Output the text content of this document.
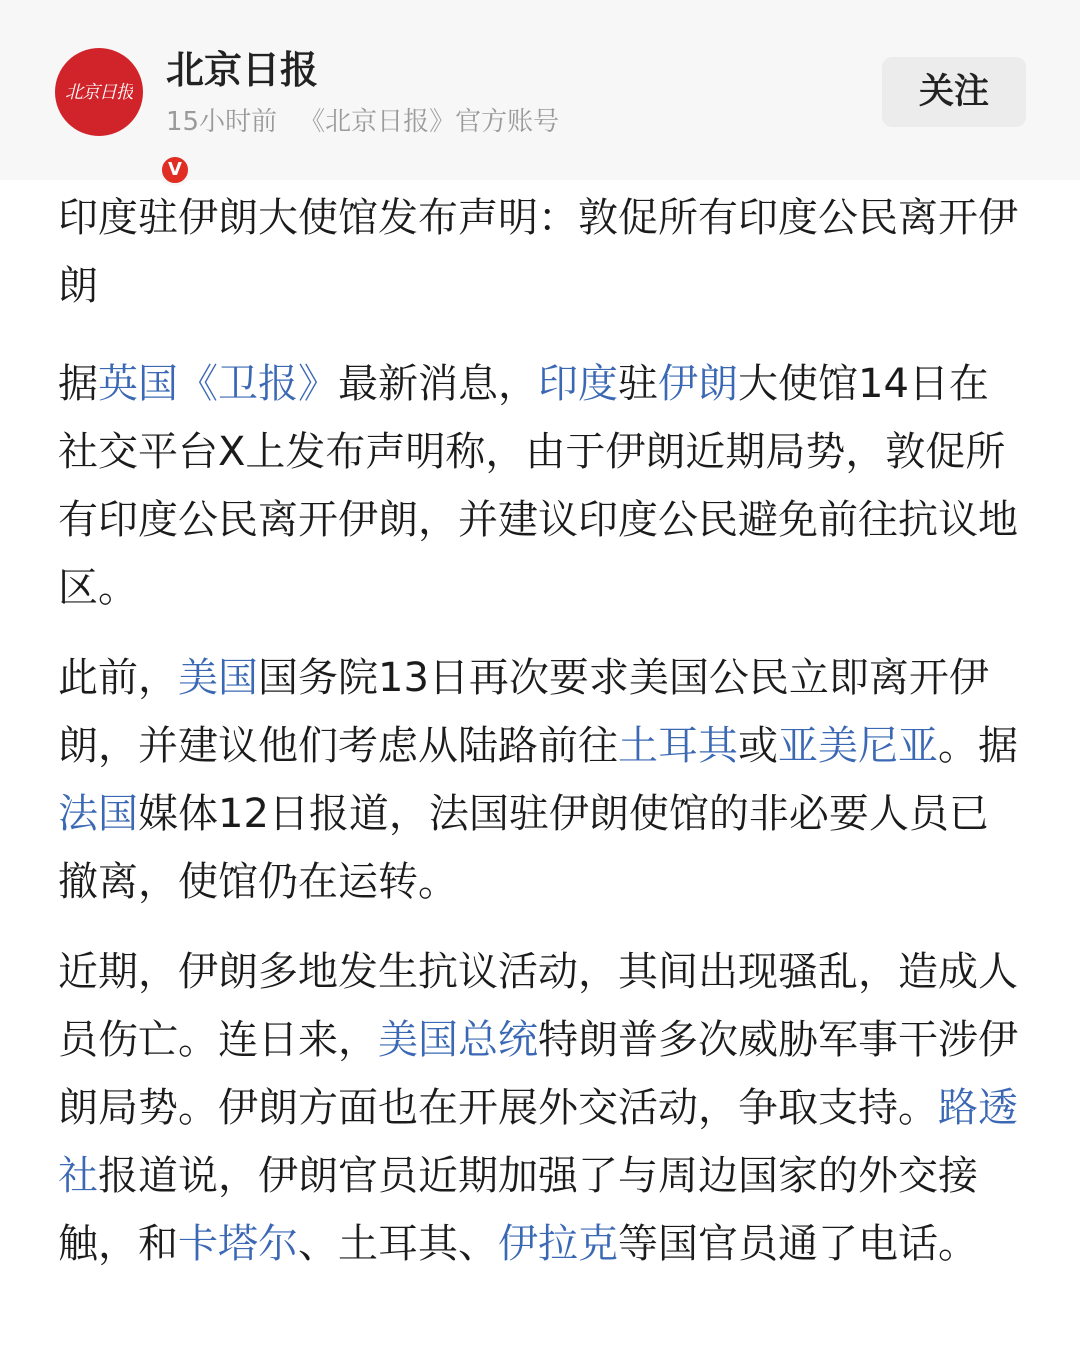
北京日报
V
北京日报
15小时前 《北京日报》官方账号
关注
印度驻伊朗大使馆发布声明：敦促所有印度公民离开伊朗

据英国《卫报》最新消息，印度驻伊朗大使馆14日在社交平台X上发布声明称，由于伊朗近期局势，敦促所有印度公民离开伊朗，并建议印度公民避免前往抗议地区。

此前，美国国务院13日再次要求美国公民立即离开伊朗，并建议他们考虑从陆路前往土耳其或亚美尼亚。据法国媒体12日报道，法国驻伊朗使馆的非必要人员已撤离，使馆仍在运转。

近期，伊朗多地发生抗议活动，其间出现骚乱，造成人员伤亡。连日来，美国总统特朗普多次威胁军事干涉伊朗局势。伊朗方面也在开展外交活动，争取支持。路透社报道说，伊朗官员近期加强了与周边国家的外交接触，和卡塔尔、土耳其、伊拉克等国官员通了电话。
